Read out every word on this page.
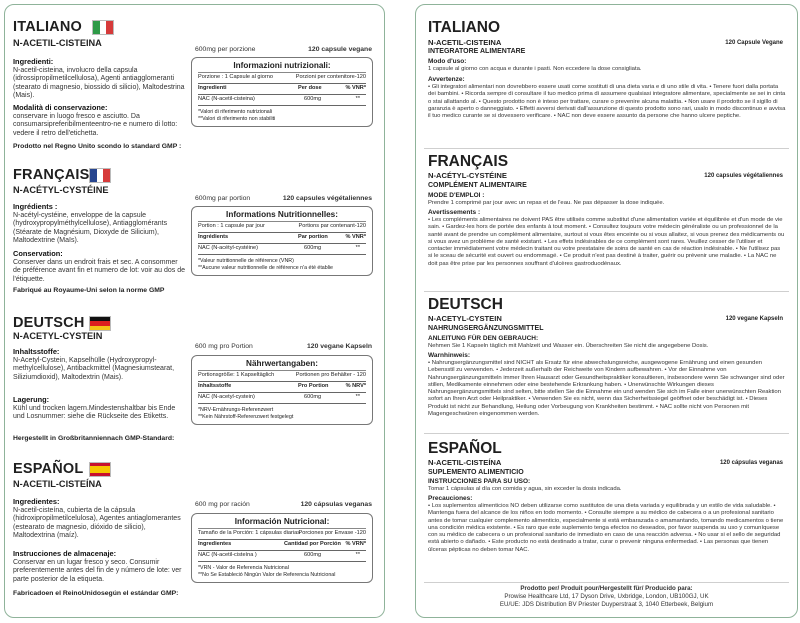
ITALIANO
N-ACETIL-CISTEINA
600mg per porzione	120 capsule vegane
Ingredienti:
N-acetil-cisteina, involucro della capsula (idrossipropilmetilcellulosa), Agenti antiagglomeranti (stearato di magnesio, biossido di silicio), Maltodestrina (Mais).
Modalità di conservazione:
conservare in luogo fresco e asciutto. Da consumarsipreferibilmenteentro-ne e numero di lotto: vedere il retro dell'etichetta.
Prodotto nel Regno Unito scondo lo standard GMP :
Informazioni nutrizionali:
Porzione : 1 Capsule al giorno	Porzioni per contenitore-120
Ingredienti	Per dose	% VNR*
NAC (N-acetil-cisteina)	600mg	**
*Valori di riferimento nutrizionali
**Valori di riferimento non stabiliti
FRANÇAIS
N-ACÉTYL-CYSTÉINE
600mg par portion	120 capsules végétaliennes
Ingrédients :
N-acétyl-cystéine, enveloppe de la capsule (hydroxypropylméthylcellulose), Antiagglomérants (Stéarate de Magnésium, Dioxyde de Silicium), Maltodextrine (Maïs).
Conservation:
Conserver dans un endroit frais et sec. A consommer de préférence avant fin et numero de lot: voir au dos de l'étiquette.
Fabriqué au Royaume-Uni selon la norme GMP
Informations Nutritionnelles:
Portion : 1 capsule par jour	Portions par contenant-120
Ingrédients	Par portion	% VNR*
NAC (N-acétyl-cystéine)	600mg	**
*Valeur nutritionnelle de référence (VNR)
**Aucune valeur nutritionnelle de référence n'a été établie
DEUTSCH
N-ACETYL-CYSTEIN
600 mg pro Portion	120 vegane Kapseln
Inhaltsstoffe:
N-Acetyl-Cystein, Kapselhülle (Hydroxypropyl-methylcellulose), Antibackmittel (Magnesiumstearat, Siliziumdioxid), Maltodextrin (Mais).
Lagerung:
Kühl und trocken lagern.Mindestenshaltbar bis Ende und Losnummer: siehe die Rückseite des Etiketts.
Hergestellt in Großbritanniennach GMP-Standard:
Nährwertangaben:
Portionsgröße: 1 Kapseltäglich	Portionen pro Behälter - 120
Inhaltsstoffe	Pro Portion	% NRV*
NAC (N-acetyl-cystein)	600mg	**
*NRV-Ernährungs-Referenzwert
**Kein Nährstoff-Referenzwert festgelegt
ESPAÑOL
N-ACETIL-CISTEÍNA
600 mg por ración	120 cápsulas veganas
Ingredientes:
N-acetil-cisteína, cubierta de la cápsula (hidroxipropilmetilcelulosa), Agentes antiaglomerantes (estearato de magnesio, dióxido de silicio), Maltodextrina (maíz).
Instrucciones de almacenaje:
Conservar en un lugar fresco y seco. Consumir preferentemente antes del fin de y número de lote: ver parte posterior de la etiqueta.
Fabricadoen el ReinoUnidosegún el estándar GMP:
Información Nutricional:
Tamaño de la Porción: 1 cápsulas diarias
Porciones por Envase -120
Ingredientes	Cantidad por Porción % VRN*
NAC (N-acetil-cisteína )	600mg	**
*VRN - Valor de Referencia Nutricional
**No Se Estableció Ningún Valor de Referencia Nutricional
ITALIANO
N-ACETIL-CISTEINA	120 Capsule Vegane
INTEGRATORE ALIMENTARE
Modo d'uso:
1 capsule al giorno con acqua e durante i pasti. Non eccedere la dose consigliata.
Avvertenze:
• Gli integratori alimentari non dovrebbero essere usati come sostituti di una dieta varia e di uno stile di vita. • Tenere fuori dalla portata dei bambini. • Ricorda sempre di consultare il tuo medico prima di assumere qualsiasi integratore alimentare, specialmente se sei in cinta o stai allattando al. • Questo prodotto non è inteso per trattare, curare o prevenire alcuna malattia. • Non usare il prodotto se il sigillo di garanzia è aperto o danneggiato. • Effetti avversi derivati dall'assunzione di questo prodotto sono rari, usalo in modo discontinuo e avvisa il tuo medico curante se si dovessero verificare. • NAC non deve essere assunto da persone che hanno ulcere peptiche.
FRANÇAIS
N-ACÉTYL-CYSTÉINE	120 capsules végétaliennes
COMPLÉMENT ALIMENTAIRE
MODE D'EMPLOI :
Prendre 1 comprimé par jour avec un repas et de l'eau. Ne pas dépasser la dose indiquée.
Avertissements :
• Les compléments alimentaires ne doivent PAS être utilisés comme substitut d'une alimentation variée et équilibrée et d'un mode de vie sain. • Gardez-les hors de portée des enfants à tout moment. • Consultez toujours votre médecin généraliste ou un professionnel de la santé avant de prendre un complément alimentaire, surtout si vous êtes enceinte ou si vous allaitez, si vous prenez des médicaments ou si vous avez un problème de santé existant. • Les effets indésirables de ce complément sont rares. Veuillez cesser de l'utiliser et contacter immédiatement votre médecin traitant ou votre prestataire de soins de santé en cas de réaction indésirable. • Ne l'utilisez pas si le sceau de sécurité est ouvert ou endommagé. • Ce produit n'est pas destiné à traiter, guérir ou prévenir une maladie. • La NAC ne doit pas être prise par les personnes souffrant d'ulcères gastroduodénaux.
DEUTSCH
N-ACETYL-CYSTEIN	120 vegane Kapseln
NAHRUNGSERGÄNZUNGSMITTEL
ANLEITUNG FÜR DEN GEBRAUCH:
Nehmen Sie 1 Kapseln täglich mit Mahlzeit und Wasser ein. Überschreiten Sie nicht die angegebene Dosis.
Warnhinweis:
• Nahrungsergänzungsmittel sind NICHT als Ersatz für eine abwechslungsreiche, ausgewogene Ernährung und einen gesunden Lebensstil zu verwenden. • Jederzeit außerhalb der Reichweite von Kindern aufbewahren. • Vor der Einnahme von Nahrungsergänzungsmitteln immer Ihren Hausarzt oder Gesundheitspraktiker konsultieren, insbesondere wenn Sie schwanger sind oder stillen, Medikamente einnehmen oder eine bestehende Erkrankung haben. • Unerwünschte Wirkungen dieses Nahrungsergänzungsmittels sind selten, bitte stellen Sie die Einnahme ein und wenden Sie sich im Falle einer unerwünschten Reaktion sofort an Ihren Arzt oder Heilpraktiker. • Verwenden Sie es nicht, wenn das Sicherheitssiegel geöffnet oder beschädigt ist. • Dieses Produkt ist nicht zur Behandlung, Heilung oder Vorbeugung von Krankheiten bestimmt. • NAC sollte nicht von Personen mit Magengeschwüren eingenommen werden.
ESPAÑOL
N-ACETIL-CISTEÍNA	120 cápsulas veganas
SUPLEMENTO ALIMENTICIO
INSTRUCCIONES PARA SU USO:
Tomar 1 cápsulas al día con comida y agua, sin exceder la dosis indicada.
Precauciones:
• Los suplementos alimenticios NO deben utilizarse como sustitutos de una dieta variada y equilibrada y un estilo de vida saludable. • Mantenga fuera del alcance de los niños en todo momento. • Consulte siempre a su médico de cabecera o a un profesional sanitario antes de tomar cualquier complemento alimenticio, especialmente si está embarazada o amamantando, tomando medicamentos o tiene una condición médica existente. • Es raro que este suplemento tenga efectos no deseados, por favor suspenda su uso y comuníquese con su médico de cabecera o un profesional sanitario de inmediato en caso de una reacción adversa. • No usar si el sello de seguridad está abierto o dañado. • Este producto no está destinado a tratar, curar o prevenir ninguna enfermedad. • Las personas que tienen úlceras pépticas no deben tomar NAC.
Prodotto per/ Produit pour/Hergestellt für/ Producido para:
Prowise Healthcare Ltd, 17 Dyson Drive, Uxbridge, London, UB100GJ, UK
EU/UE: JDS Distribution BV Priester Duyperstraat 3, 1040 Etterbeek, Belgium
